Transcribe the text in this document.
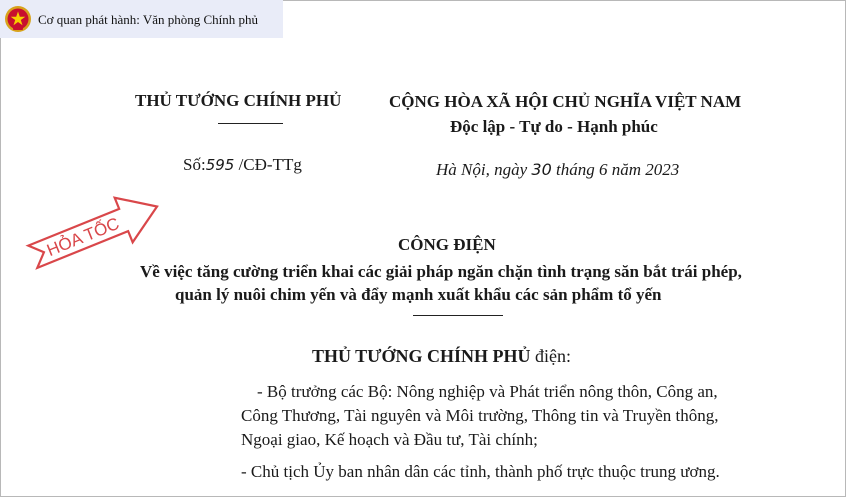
Cơ quan phát hành: Văn phòng Chính phủ
THỦ TƯỚNG CHÍNH PHỦ
Số:595 /CĐ-TTg
CỘNG HÒA XÃ HỘI CHỦ NGHĨA VIỆT NAM
Độc lập - Tự do - Hạnh phúc
Hà Nội, ngày 30 tháng 6 năm 2023
HỎA TỐC	CÔNG ĐIỆN
Về việc tăng cường triển khai các giải pháp ngăn chặn tình trạng săn bắt trái phép,
quản lý nuôi chim yến và đẩy mạnh xuất khẩu các sản phẩm tổ yến
THỦ TƯỚNG CHÍNH PHỦ điện:
- Bộ trưởng các Bộ: Nông nghiệp và Phát triển nông thôn, Công an,
Công Thương, Tài nguyên và Môi trường, Thông tin và Truyền thông,
Ngoại giao, Kế hoạch và Đầu tư, Tài chính;
- Chủ tịch Ủy ban nhân dân các tỉnh, thành phố trực thuộc trung ương.
